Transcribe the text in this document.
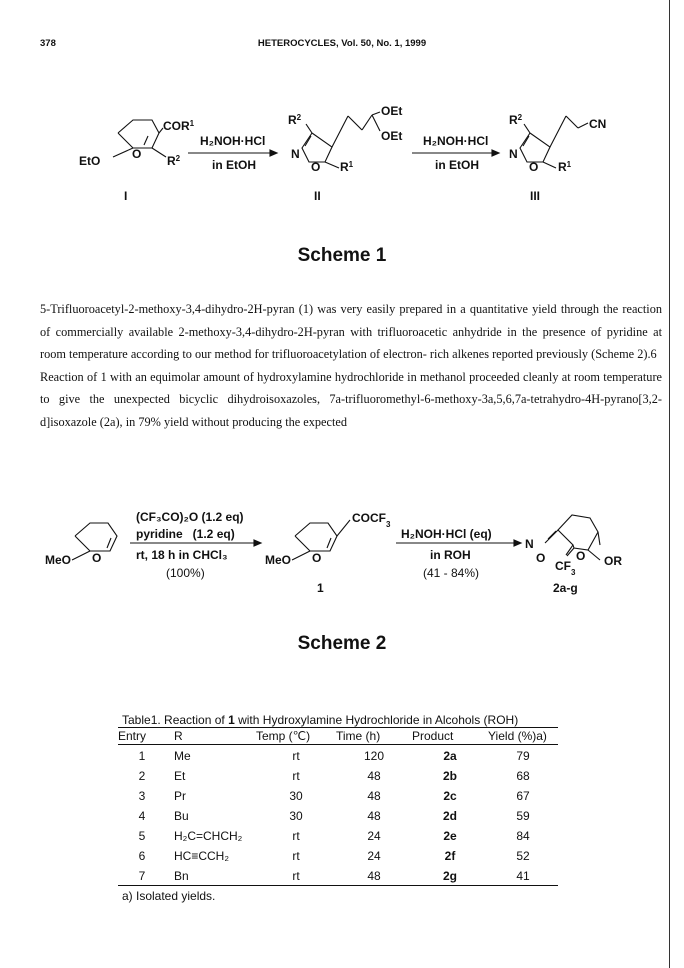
378	HETEROCYCLES, Vol. 50, No. 1, 1999
COR$^1$
EtO	O $R^2$
$R^2$
N
O $R^1$
OEt
OEt
$R^2$
N
O $R^1$
CN
H₂NOH·HCl
in EtOH
H₂NOH·HCl
in EtOH
I	II	III
Scheme 1

5-Trifluoroacetyl-2-methoxy-3,4-dihydro-2H-pyran (1) was very easily prepared in a quantitative yield through the reaction of commercially available 2-methoxy-3,4-dihydro-2H-pyran with trifluoroacetic anhydride in the presence of pyridine at room temperature according to our method for trifluoroacetylation of electron- rich alkenes reported previously (Scheme 2).6

Reaction of 1 with an equimolar amount of hydroxylamine hydrochloride in methanol proceeded cleanly at room temperature to give the unexpected bicyclic dihydroisoxazoles, 7a-trifluoromethyl-6-methoxy-3a,5,6,7a-tetrahydro-4H-pyrano[3,2-d]isoxazole (2a), in 79% yield without producing the expected

MeO O	MeO O
$COCF_3$
N
O	O
$CF_3$
OR
(CF₃CO)₂O (1.2 eq)
pyridine   (1.2 eq)
rt, 18 h in CHCl₃
(100%)
H₂NOH·HCl (eq)
in ROH
(41 - 84%)
1	2a-g
Scheme 2
Table1. Reaction of 1 with Hydroxylamine Hydrochloride in Alcohols (ROH)
Entry	R	Temp (℃)	Time (h)	Product	Yield (%)a)
1	Me	rt	120	2a	79
2	Et	rt	48	2b	68
3	Pr	30	48	2c	67
4	Bu	30	48	2d	59
5	H₂C=CHCH₂	rt	24	2e	84
6	HC≡CCH₂	rt	24	2f	52
7	Bn	rt	48	2g	41
a) Isolated yields.
